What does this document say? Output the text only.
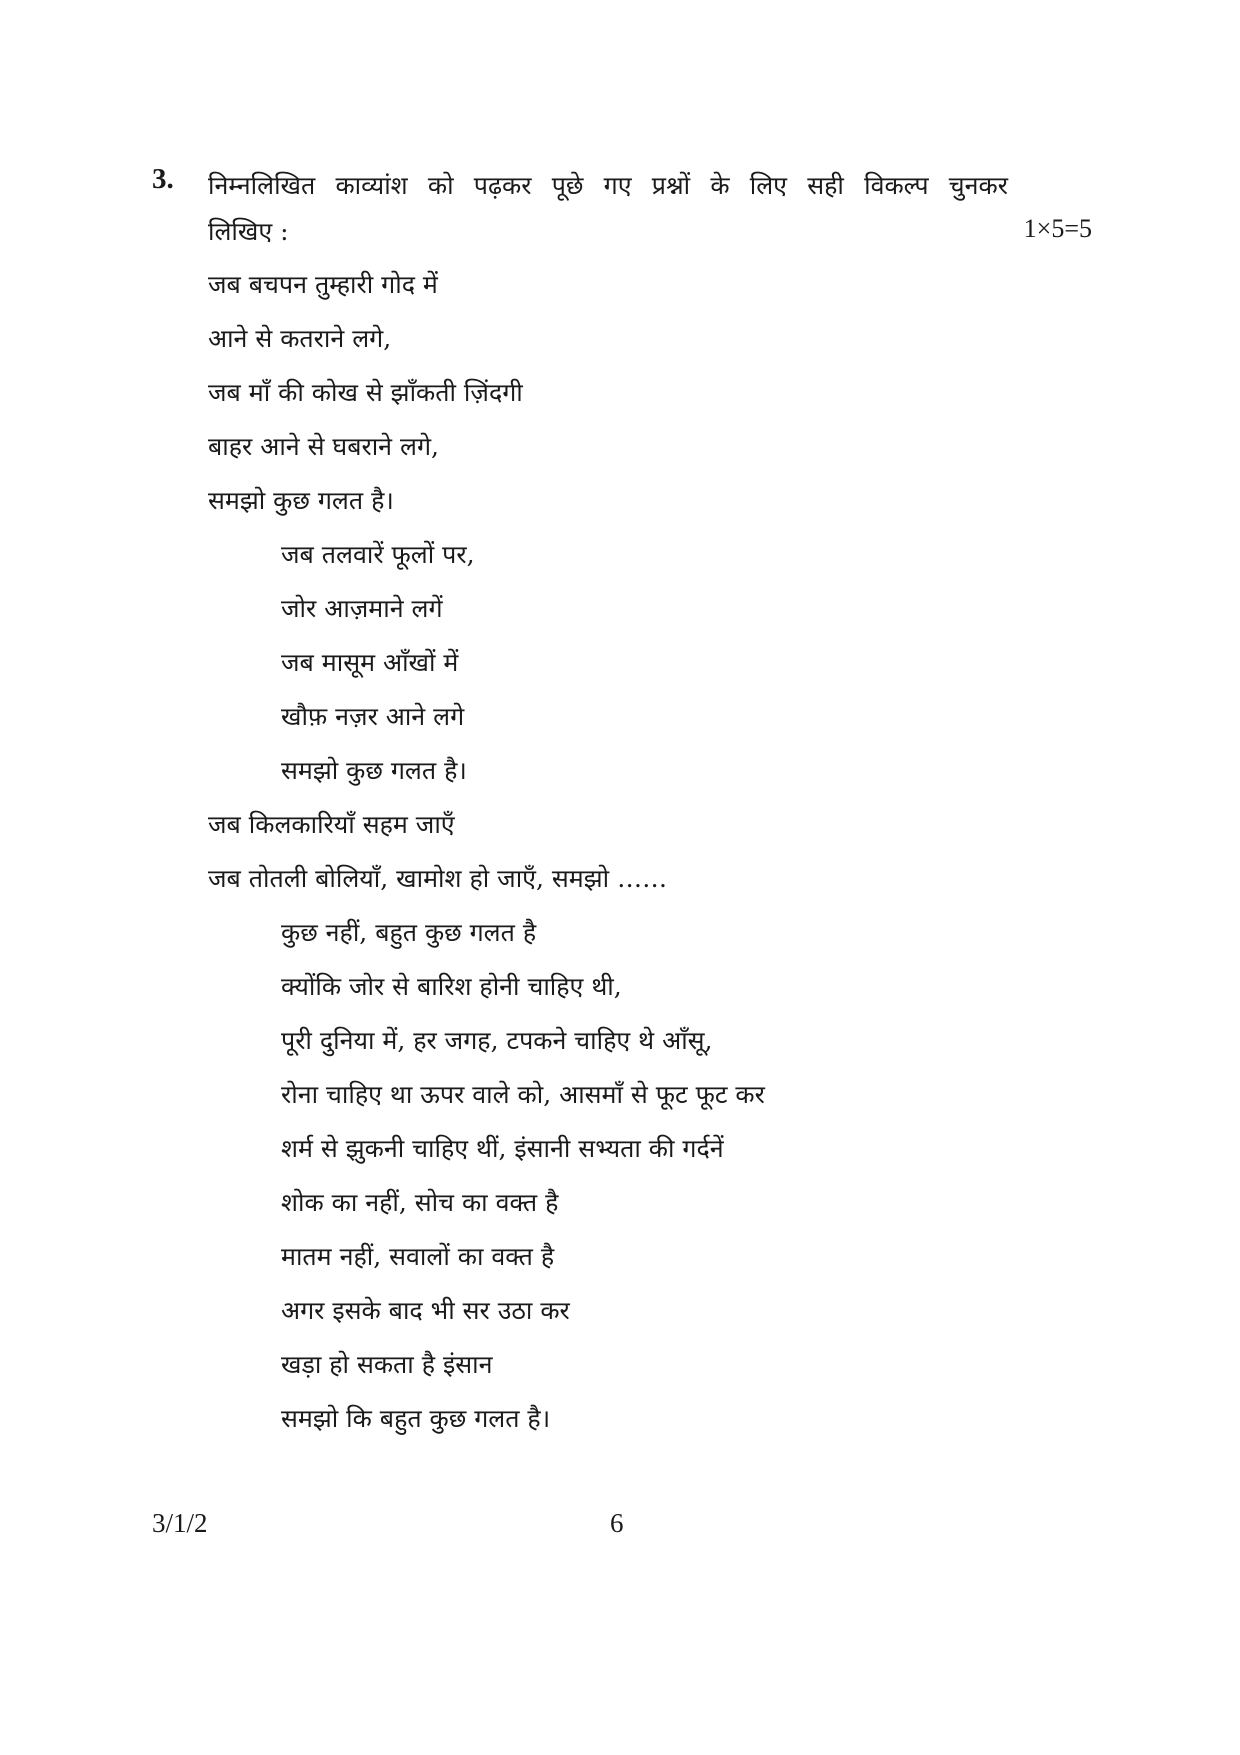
3. निम्नलिखित काव्यांश को पढ़कर पूछे गए प्रश्नों के लिए सही विकल्प चुनकर
लिखिए :	1×5=5
जब बचपन तुम्हारी गोद में
आने से कतराने लगे,
जब माँ की कोख से झाँकती ज़िंदगी
बाहर आने से घबराने लगे,
समझो कुछ गलत है।
जब तलवारें फूलों पर,
जोर आज़माने लगें
जब मासूम आँखों में
खौफ़ नज़र आने लगे
समझो कुछ गलत है।
जब किलकारियाँ सहम जाएँ
जब तोतली बोलियाँ, खामोश हो जाएँ, समझो ……
कुछ नहीं, बहुत कुछ गलत है
क्योंकि जोर से बारिश होनी चाहिए थी,
पूरी दुनिया में, हर जगह, टपकने चाहिए थे आँसू,
रोना चाहिए था ऊपर वाले को, आसमाँ से फूट फूट कर
शर्म से झुकनी चाहिए थीं, इंसानी सभ्यता की गर्दनें
शोक का नहीं, सोच का वक्त है
मातम नहीं, सवालों का वक्त है
अगर इसके बाद भी सर उठा कर
खड़ा हो सकता है इंसान
समझो कि बहुत कुछ गलत है।
3/1/2	6
